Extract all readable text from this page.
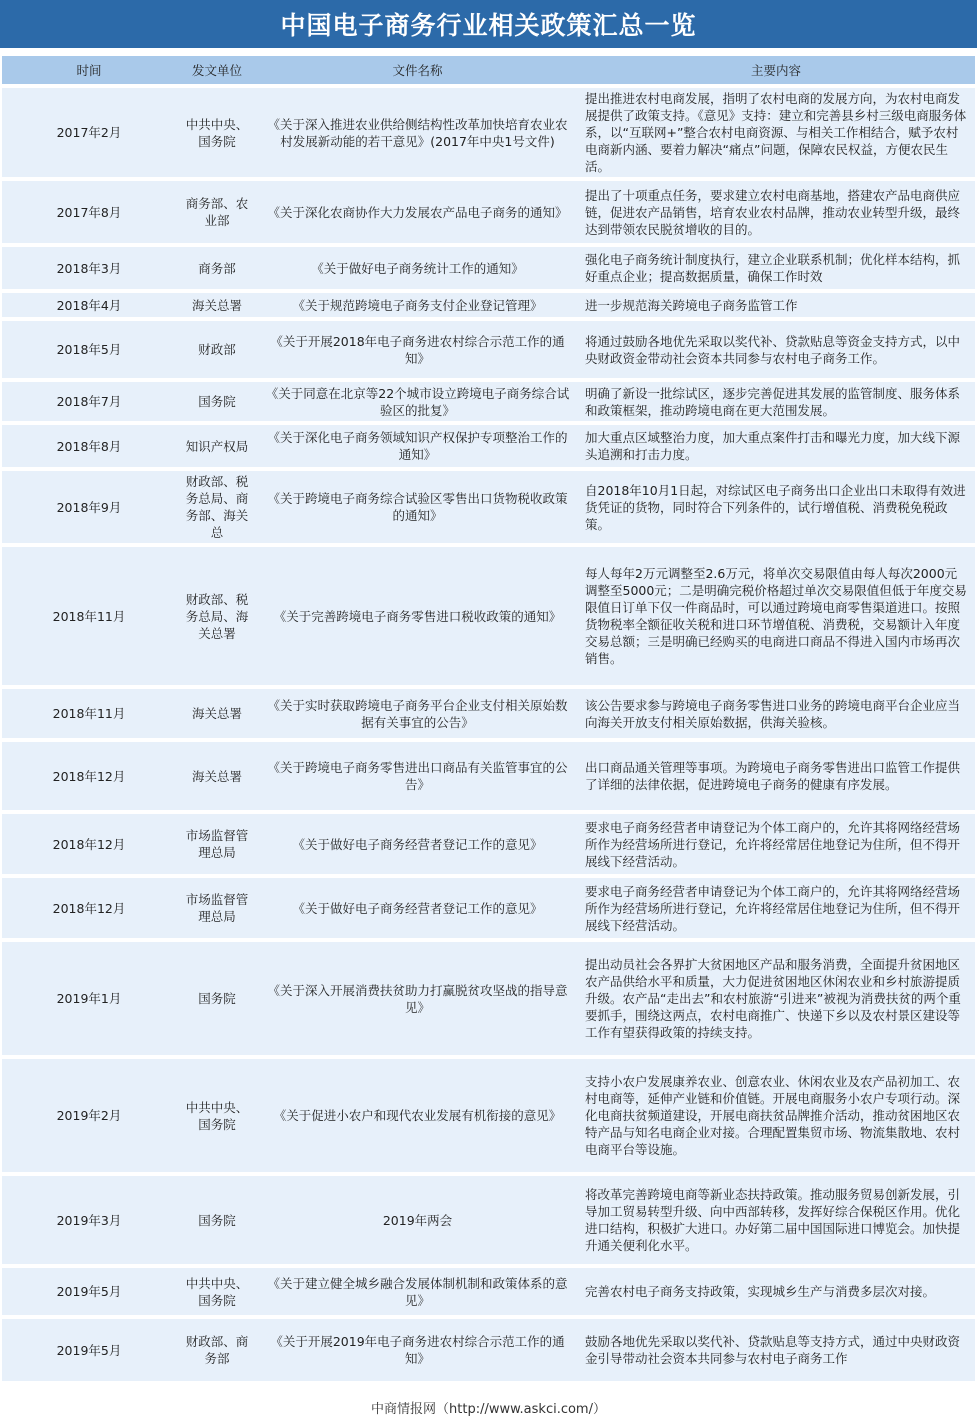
中国电子商务行业相关政策汇总一览
时间	发文单位	文件名称	主要内容
2017年2月	中共中央、国务院	《关于深入推进农业供给侧结构性改革加快培育农业农村发展新动能的若干意见》(2017年中央1号文件)	提出推进农村电商发展，指明了农村电商的发展方向，为农村电商发展提供了政策支持。《意见》支持：建立和完善县乡村三级电商服务体系，以“互联网+”整合农村电商资源、与相关工作相结合，赋予农村电商新内涵、要着力解决“痛点”问题，保障农民权益，方便农民生活。
2017年8月	商务部、农业部	《关于深化农商协作大力发展农产品电子商务的通知》	提出了十项重点任务，要求建立农村电商基地，搭建农产品电商供应链，促进农产品销售，培育农业农村品牌，推动农业转型升级，最终达到带领农民脱贫增收的目的。
2018年3月	商务部	《关于做好电子商务统计工作的通知》	强化电子商务统计制度执行，建立企业联系机制；优化样本结构，抓好重点企业；提高数据质量，确保工作时效
2018年4月	海关总署	《关于规范跨境电子商务支付企业登记管理》	进一步规范海关跨境电子商务监管工作
2018年5月	财政部	《关于开展2018年电子商务进农村综合示范工作的通知》	将通过鼓励各地优先采取以奖代补、贷款贴息等资金支持方式，以中央财政资金带动社会资本共同参与农村电子商务工作。
2018年7月	国务院	《关于同意在北京等22个城市设立跨境电子商务综合试验区的批复》	明确了新设一批综试区，逐步完善促进其发展的监管制度、服务体系和政策框架，推动跨境电商在更大范围发展。
2018年8月	知识产权局	《关于深化电子商务领域知识产权保护专项整治工作的通知》	加大重点区域整治力度，加大重点案件打击和曝光力度，加大线下源头追溯和打击力度。
2018年9月	财政部、税务总局、商务部、海关总	《关于跨境电子商务综合试验区零售出口货物税收政策的通知》	自2018年10月1日起，对综试区电子商务出口企业出口未取得有效进货凭证的货物，同时符合下列条件的，试行增值税、消费税免税政策。
2018年11月	财政部、税务总局、海关总署	《关于完善跨境电子商务零售进口税收政策的通知》	每人每年2万元调整至2.6万元，将单次交易限值由每人每次2000元调整至5000元；二是明确完税价格超过单次交易限值但低于年度交易限值日订单下仅一件商品时，可以通过跨境电商零售渠道进口。按照货物税率全额征收关税和进口环节增值税、消费税，交易额计入年度交易总额；三是明确已经购买的电商进口商品不得进入国内市场再次销售。
2018年11月	海关总署	《关于实时获取跨境电子商务平台企业支付相关原始数据有关事宜的公告》	该公告要求参与跨境电子商务零售进口业务的跨境电商平台企业应当向海关开放支付相关原始数据，供海关验核。
2018年12月	海关总署	《关于跨境电子商务零售进出口商品有关监管事宜的公告》	出口商品通关管理等事项。为跨境电子商务零售进出口监管工作提供了详细的法律依据，促进跨境电子商务的健康有序发展。
2018年12月	市场监督管理总局	《关于做好电子商务经营者登记工作的意见》	要求电子商务经营者申请登记为个体工商户的，允许其将网络经营场所作为经营场所进行登记，允许将经常居住地登记为住所，但不得开展线下经营活动。
2018年12月	市场监督管理总局	《关于做好电子商务经营者登记工作的意见》	要求电子商务经营者申请登记为个体工商户的，允许其将网络经营场所作为经营场所进行登记，允许将经常居住地登记为住所，但不得开展线下经营活动。
2019年1月	国务院	《关于深入开展消费扶贫助力打赢脱贫攻坚战的指导意见》	提出动员社会各界扩大贫困地区产品和服务消费，全面提升贫困地区农产品供给水平和质量，大力促进贫困地区休闲农业和乡村旅游提质升级。农产品“走出去”和农村旅游“引进来”被视为消费扶贫的两个重要抓手，围绕这两点，农村电商推广、快递下乡以及农村景区建设等工作有望获得政策的持续支持。
2019年2月	中共中央、国务院	《关于促进小农户和现代农业发展有机衔接的意见》	支持小农户发展康养农业、创意农业、休闲农业及农产品初加工、农村电商等，延伸产业链和价值链。开展电商服务小农户专项行动。深化电商扶贫频道建设，开展电商扶贫品牌推介活动，推动贫困地区农特产品与知名电商企业对接。合理配置集贸市场、物流集散地、农村电商平台等设施。
2019年3月	国务院	2019年两会	将改革完善跨境电商等新业态扶持政策。推动服务贸易创新发展，引导加工贸易转型升级、向中西部转移，发挥好综合保税区作用。优化进口结构，积极扩大进口。办好第二届中国国际进口博览会。加快提升通关便利化水平。
2019年5月	中共中央、国务院	《关于建立健全城乡融合发展体制机制和政策体系的意见》	完善农村电子商务支持政策，实现城乡生产与消费多层次对接。
2019年5月	财政部、商务部	《关于开展2019年电子商务进农村综合示范工作的通知》	鼓励各地优先采取以奖代补、贷款贴息等支持方式，通过中央财政资金引导带动社会资本共同参与农村电子商务工作
中商情报网（http://www.askci.com/）
